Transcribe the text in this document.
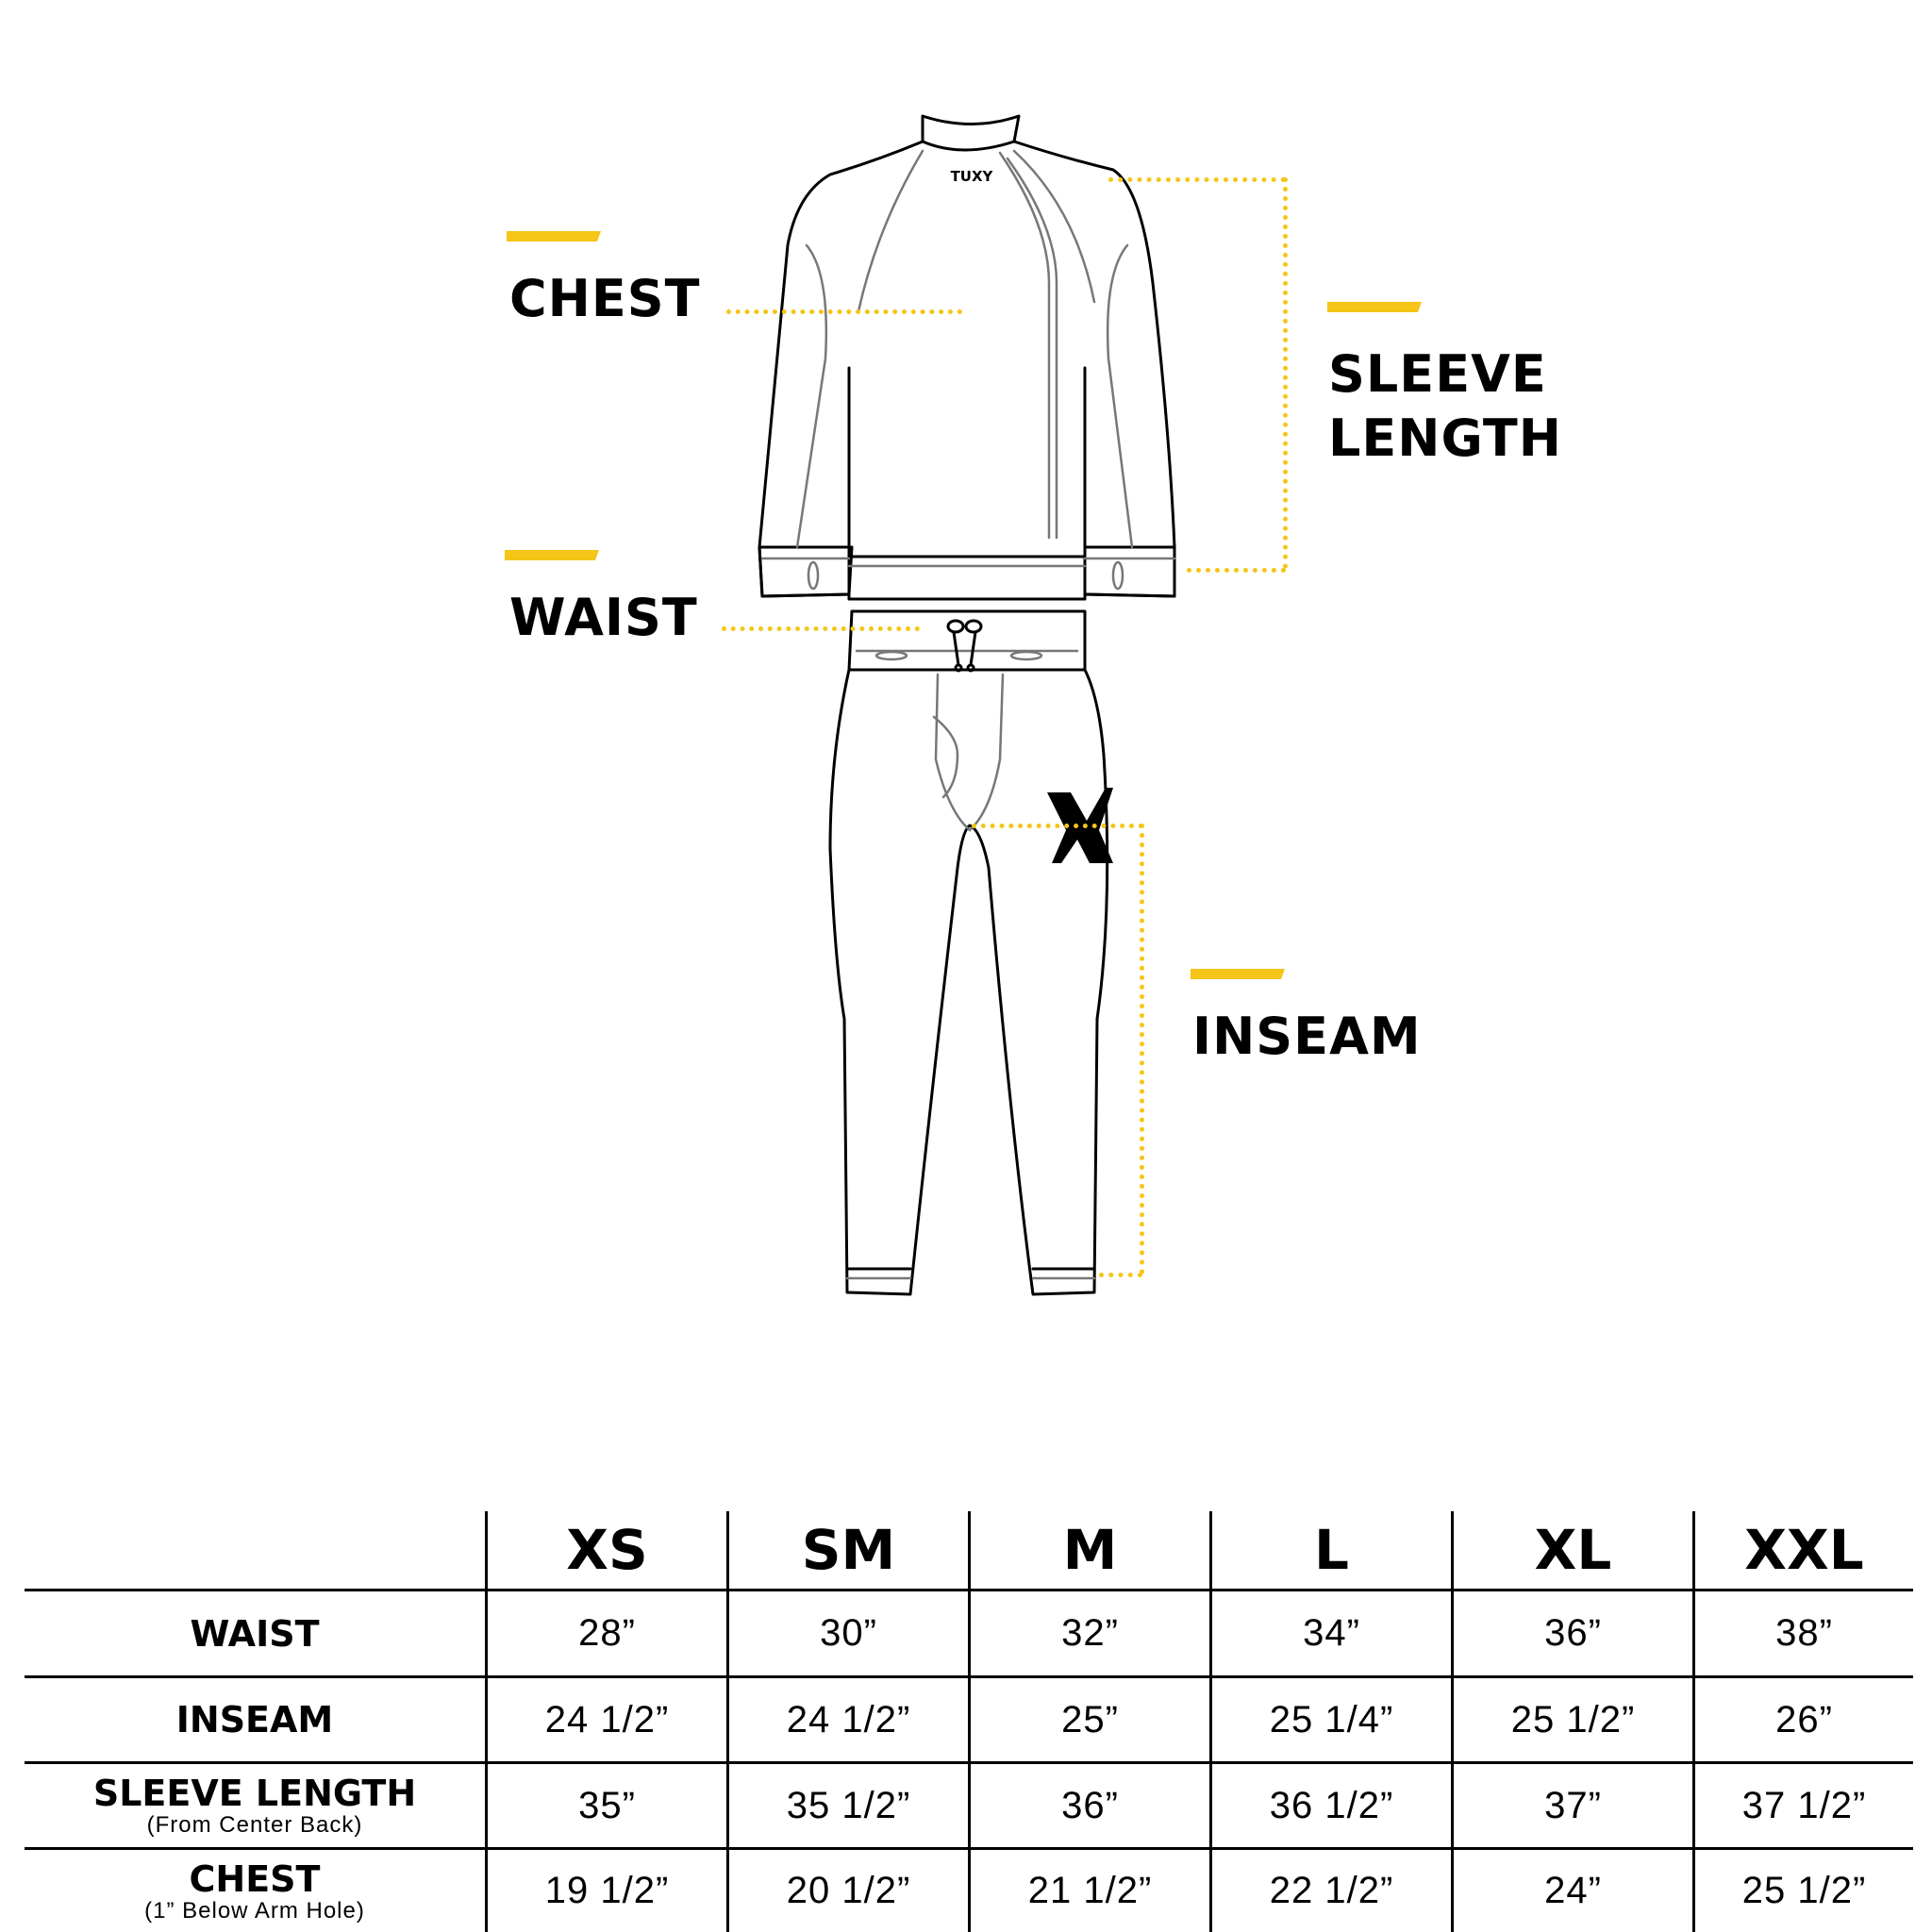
TUXY
CHEST
SLEEVE
LENGTH
WAIST
INSEAM
XS	SM	M	L	XL	XXL
WAIST	28”	30”	32”	34”	36”	38”
INSEAM	24 1/2”	24 1/2”	25”	25 1/4”	25 1/2”	26”
SLEEVE LENGTH
(From Center Back)	35”	35 1/2”	36”	36 1/2”	37”	37 1/2”
CHEST
(1” Below Arm Hole)	19 1/2”	20 1/2”	21 1/2”	22 1/2”	24”	25 1/2”
